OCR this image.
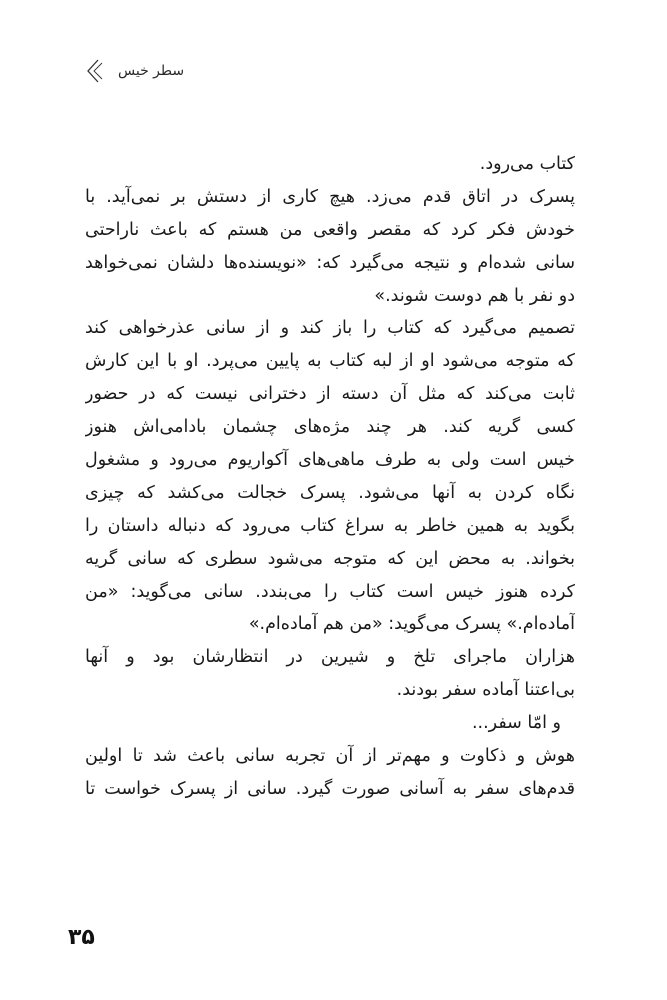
سطر خیس
کتاب می‌رود.
پسرک در اتاق قدم می‌زد. هیچ کاری از دستش بر نمی‌آید. با
خودش فکر کرد که مقصر واقعی من هستم که باعث ناراحتی
سانی شده‌ام و نتیجه می‌گیرد که: «نویسنده‌ها دلشان نمی‌خواهد
دو نفر با هم دوست شوند.»
تصمیم می‌گیرد که کتاب را باز کند و از سانی عذرخواهی کند
که متوجه می‌شود او از لبه کتاب به پایین می‌پرد. او با این کارش
ثابت می‌کند که مثل آن دسته از دخترانی نیست که در حضور
کسی گریه کند. هر چند مژه‌های چشمان بادامی‌اش هنوز
خیس است ولی به طرف ماهی‌های آکواریوم می‌رود و مشغول
نگاه کردن به آنها می‌شود. پسرک خجالت می‌کشد که چیزی
بگوید به همین خاطر به سراغ کتاب می‌رود که دنباله داستان را
بخواند. به محض این که متوجه می‌شود سطری که سانی گریه
کرده هنوز خیس است کتاب را می‌بندد. سانی می‌گوید: «من
آماده‌ام.» پسرک می‌گوید: «من هم آماده‌ام.»
هزاران ماجرای تلخ و شیرین در انتظارشان بود و آنها
بی‌اعتنا آماده سفر بودند.
و امّا سفر...
هوش و ذکاوت و مهم‌تر از آن تجربه سانی باعث شد تا اولین
قدم‌های سفر به آسانی صورت گیرد. سانی از پسرک خواست تا
۳۵
